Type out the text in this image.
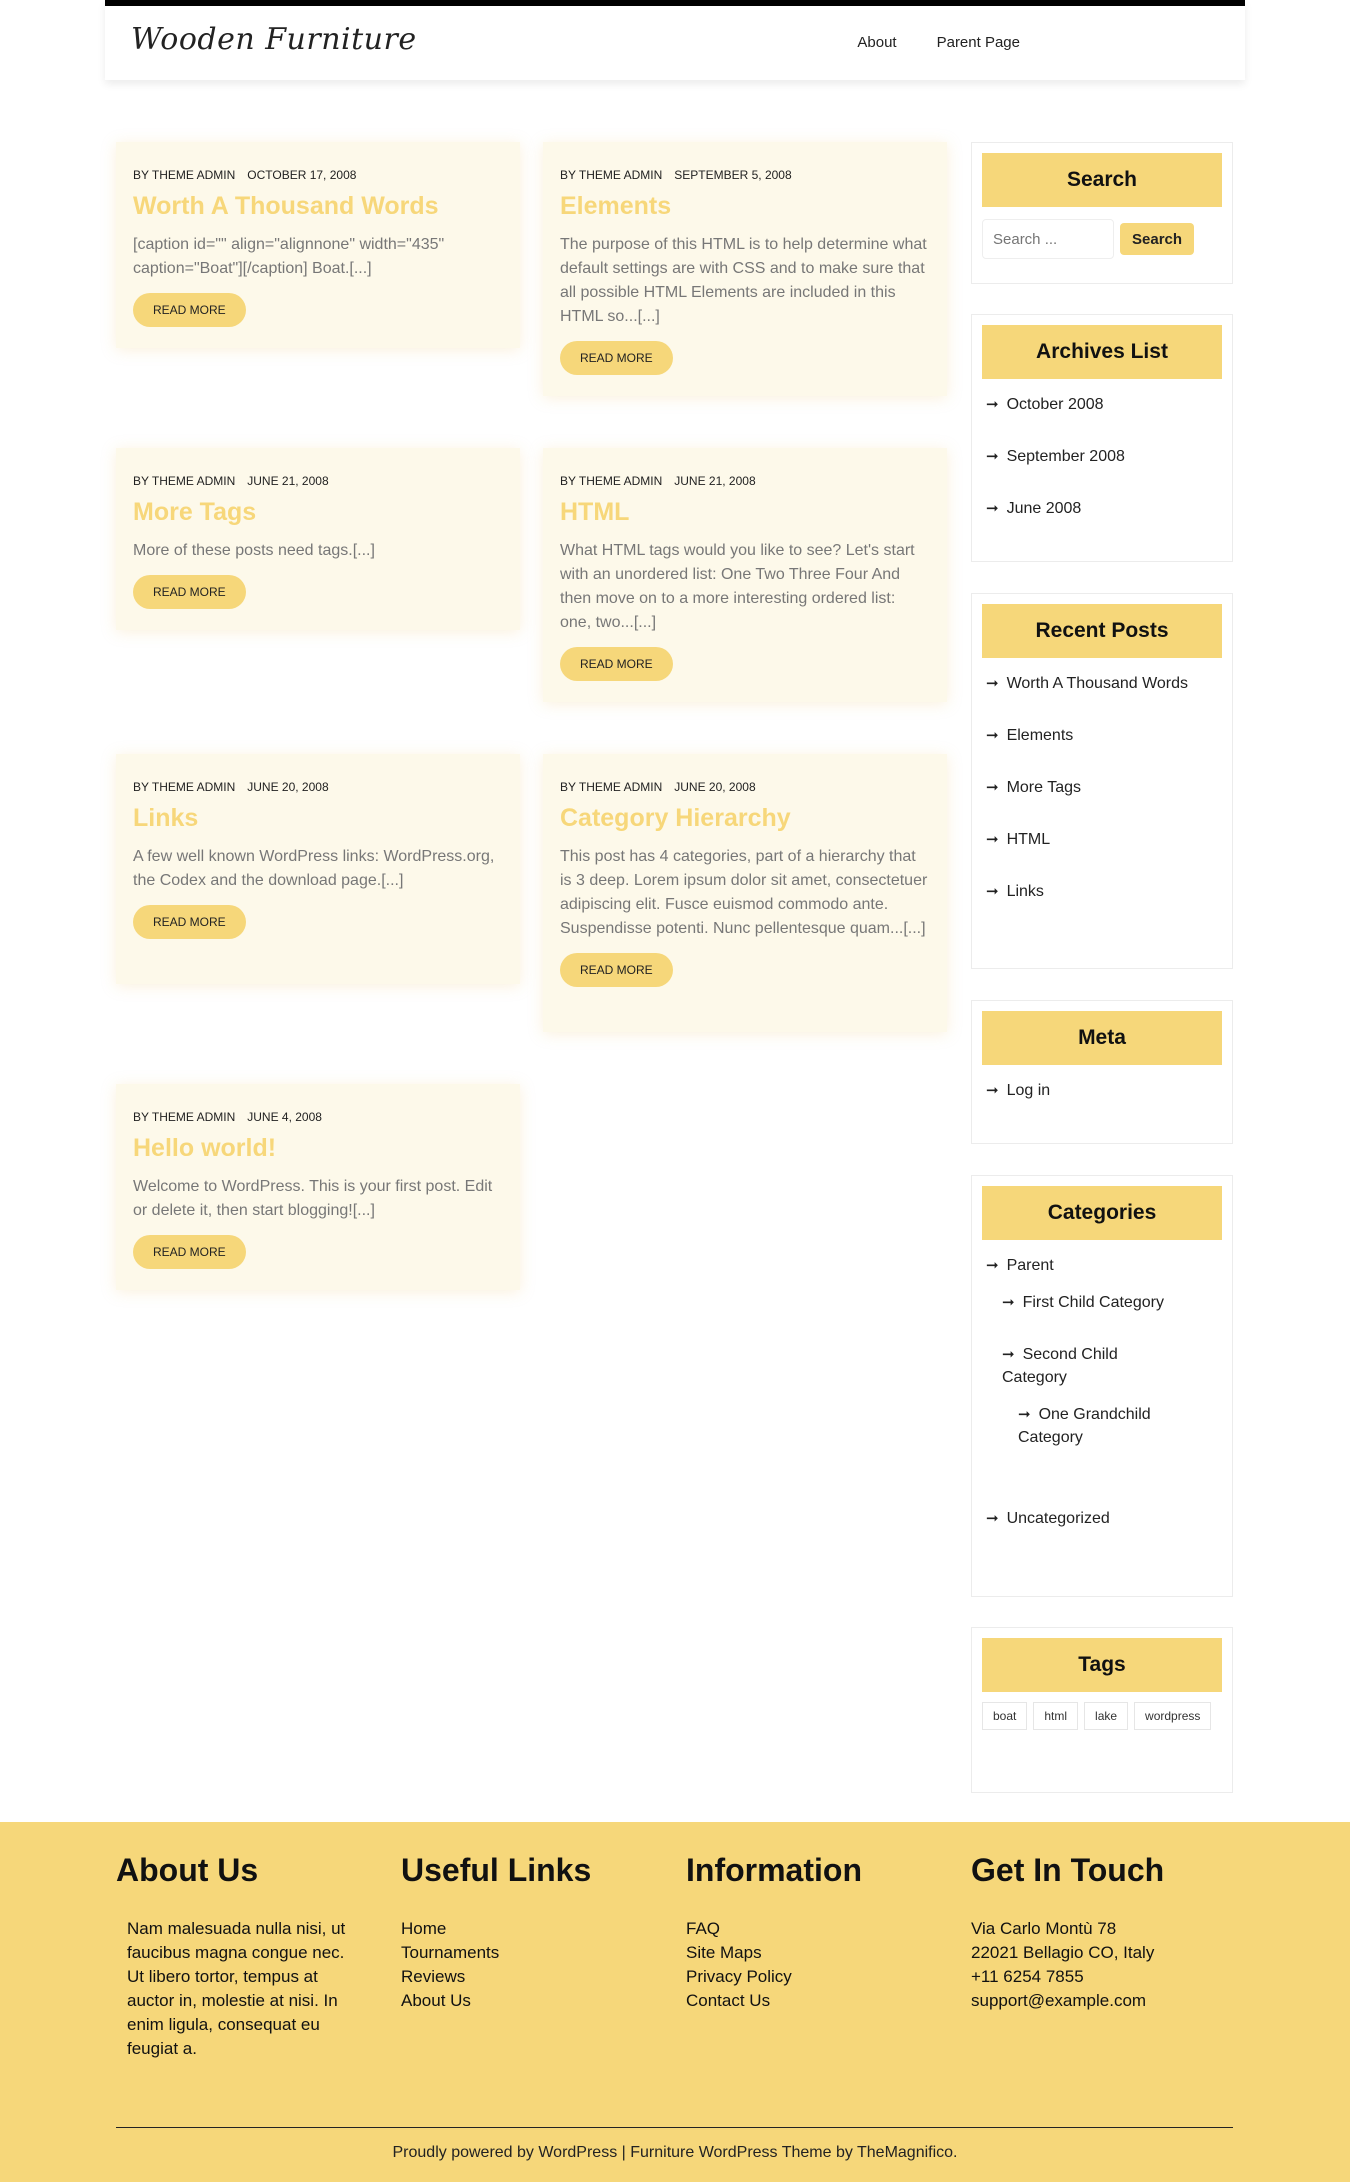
Wooden Furniture	About	Parent Page
BY THEME ADMIN OCTOBER 17, 2008
Worth A Thousand Words
[caption id="" align="alignnone" width="435" caption="Boat"][/caption] Boat.[...]
READ MORE
BY THEME ADMIN SEPTEMBER 5, 2008
Elements
The purpose of this HTML is to help determine what default settings are with CSS and to make sure that all possible HTML Elements are included in this HTML so...[...]
READ MORE
BY THEME ADMIN JUNE 21, 2008
More Tags
More of these posts need tags.[...]
READ MORE
BY THEME ADMIN JUNE 21, 2008
HTML
What HTML tags would you like to see? Let's start with an unordered list: One Two Three Four And then move on to a more interesting ordered list: one, two...[...]
READ MORE
BY THEME ADMIN JUNE 20, 2008
Links
A few well known WordPress links: WordPress.org, the Codex and the download page.[...]
READ MORE
BY THEME ADMIN JUNE 20, 2008
Category Hierarchy
This post has 4 categories, part of a hierarchy that is 3 deep. Lorem ipsum dolor sit amet, consectetuer adipiscing elit. Fusce euismod commodo ante. Suspendisse potenti. Nunc pellentesque quam...[...]
READ MORE
BY THEME ADMIN JUNE 4, 2008
Hello world!
Welcome to WordPress. This is your first post. Edit or delete it, then start blogging![...]
READ MORE
Search
Search ...
Search
Archives List
➞ October 2008
➞ September 2008
➞ June 2008
Recent Posts
➞ Worth A Thousand Words
➞ Elements
➞ More Tags
➞ HTML
➞ Links
Meta
➞ Log in
Categories
➞ Parent
➞ First Child Category
➞ Second Child Category
➞ One Grandchild Category
➞ Uncategorized
Tags
boat	html	lake	wordpress
About Us
Nam malesuada nulla nisi, ut faucibus magna congue nec. Ut libero tortor, tempus at auctor in, molestie at nisi. In enim ligula, consequat eu feugiat a.
Useful Links
Home
Tournaments
Reviews
About Us
Information
FAQ
Site Maps
Privacy Policy
Contact Us
Get In Touch
Via Carlo Montù 78
22021 Bellagio CO, Italy
+11 6254 7855
support@example.com
Proudly powered by WordPress | Furniture WordPress Theme by TheMagnifico.
